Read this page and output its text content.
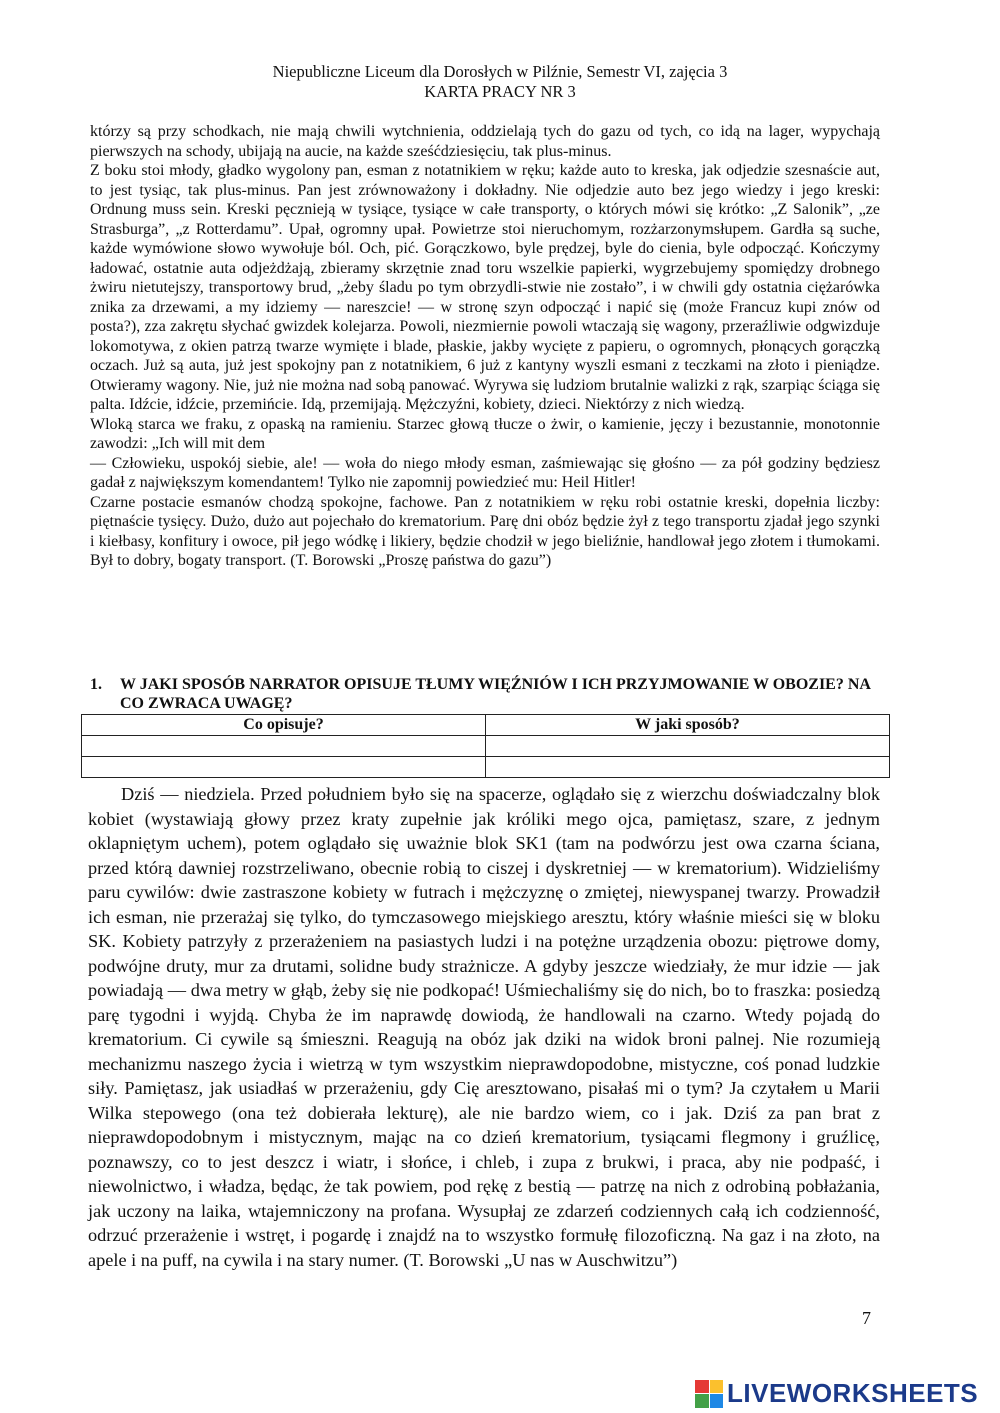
Niepubliczne Liceum dla Dorosłych w Pilźnie, Semestr VI, zajęcia 3
KARTA PRACY NR 3

którzy są przy schodkach, nie mają chwili wytchnienia, oddzielają tych do gazu od tych, co idą na lager, wypychają pierwszych na schody, ubijają na aucie, na każde sześćdziesięciu, tak plus-minus.

Z boku stoi młody, gładko wygolony pan, esman z notatnikiem w ręku; każde auto to kreska, jak odjedzie szesnaście aut, to jest tysiąc, tak plus-minus. Pan jest zrównoważony i dokładny. Nie odjedzie auto bez jego wiedzy i jego kreski: Ordnung muss sein. Kreski pęcznieją w tysiące, tysiące w całe transporty, o których mówi się krótko: „Z Salonik”, „ze Strasburga”, „z Rotterdamu”. Upał, ogromny upał. Powietrze stoi nieruchomym, rozżarzonymsłupem. Gardła są suche, każde wymówione słowo wywołuje ból. Och, pić. Gorączkowo, byle prędzej, byle do cienia, byle odpocząć. Kończymy ładować, ostatnie auta odjeżdżają, zbieramy skrzętnie znad toru wszelkie papierki, wygrzebujemy spomiędzy drobnego żwiru nietutejszy, transportowy brud, „żeby śladu po tym obrzydli-stwie nie zostało”, i w chwili gdy ostatnia ciężarówka znika za drzewami, a my idziemy — nareszcie! — w stronę szyn odpocząć i napić się (może Francuz kupi znów od posta?), zza zakrętu słychać gwizdek kolejarza. Powoli, niezmiernie powoli wtaczają się wagony, przeraźliwie odgwizduje lokomotywa, z okien patrzą twarze wymięte i blade, płaskie, jakby wycięte z papieru, o ogromnych, płonących gorączką oczach. Już są auta, już jest spokojny pan z notatnikiem, 6 już z kantyny wyszli esmani z teczkami na złoto i pieniądze. Otwieramy wagony. Nie, już nie można nad sobą panować. Wyrywa się ludziom brutalnie walizki z rąk, szarpiąc ściąga się palta. Idźcie, idźcie, przemińcie. Idą, przemijają. Mężczyźni, kobiety, dzieci. Niektórzy z nich wiedzą.

Wloką starca we fraku, z opaską na ramieniu. Starzec głową tłucze o żwir, o kamienie, jęczy i bezustannie, monotonnie zawodzi: „Ich will mit dem

— Człowieku, uspokój siebie, ale! — woła do niego młody esman, zaśmiewając się głośno — za pół godziny będziesz gadał z największym komendantem! Tylko nie zapomnij powiedzieć mu: Heil Hitler!

Czarne postacie esmanów chodzą spokojne, fachowe. Pan z notatnikiem w ręku robi ostatnie kreski, dopełnia liczby: piętnaście tysięcy. Dużo, dużo aut pojechało do krematorium. Parę dni obóz będzie żył z tego transportu zjadał jego szynki i kiełbasy, konfitury i owoce, pił jego wódkę i likiery, będzie chodził w jego bieliźnie, handlował jego złotem i tłumokami. Był to dobry, bogaty transport. (T. Borowski „Proszę państwa do gazu”)

1. W JAKI SPOSÓB NARRATOR OPISUJE TŁUMY WIĘŹNIÓW I ICH PRZYJMOWANIE W OBOZIE? NA CO ZWRACA UWAGĘ?
Co opisuje?	W jaki sposób?

Dziś — niedziela. Przed południem było się na spacerze, oglądało się z wierzchu doświadczalny blok kobiet (wystawiają głowy przez kraty zupełnie jak króliki mego ojca, pamiętasz, szare, z jednym oklapniętym uchem), potem oglądało się uważnie blok SK1 (tam na podwórzu jest owa czarna ściana, przed którą dawniej rozstrzeliwano, obecnie robią to ciszej i dyskretniej — w krematorium). Widzieliśmy paru cywilów: dwie zastraszone kobiety w futrach i mężczyznę o zmiętej, niewyspanej twarzy. Prowadził ich esman, nie przerażaj się tylko, do tymczasowego miejskiego aresztu, który właśnie mieści się w bloku SK. Kobiety patrzyły z przerażeniem na pasiastych ludzi i na potężne urządzenia obozu: piętrowe domy, podwójne druty, mur za drutami, solidne budy strażnicze. A gdyby jeszcze wiedziały, że mur idzie — jak powiadają — dwa metry w głąb, żeby się nie podkopać! Uśmiechaliśmy się do nich, bo to fraszka: posiedzą parę tygodni i wyjdą. Chyba że im naprawdę dowiodą, że handlowali na czarno. Wtedy pojadą do krematorium. Ci cywile są śmieszni. Reagują na obóz jak dziki na widok broni palnej. Nie rozumieją mechanizmu naszego życia i wietrzą w tym wszystkim nieprawdopodobne, mistyczne, coś ponad ludzkie siły. Pamiętasz, jak usiadłaś w przerażeniu, gdy Cię aresztowano, pisałaś mi o tym? Ja czytałem u Marii Wilka stepowego (ona też dobierała lekturę), ale nie bardzo wiem, co i jak. Dziś za pan brat z nieprawdopodobnym i mistycznym, mając na co dzień krematorium, tysiącami flegmony i gruźlicę, poznawszy, co to jest deszcz i wiatr, i słońce, i chleb, i zupa z brukwi, i praca, aby nie podpaść, i niewolnictwo, i władza, będąc, że tak powiem, pod rękę z bestią — patrzę na nich z odrobiną pobłażania, jak uczony na laika, wtajemniczony na profana. Wysupłaj ze zdarzeń codziennych całą ich codzienność, odrzuć przerażenie i wstręt, i pogardę i znajdź na to wszystko formułę filozoficzną. Na gaz i na złoto, na apele i na puff, na cywila i na stary numer. (T. Borowski „U nas w Auschwitzu”)

7
LIVEWORKSHEETS
